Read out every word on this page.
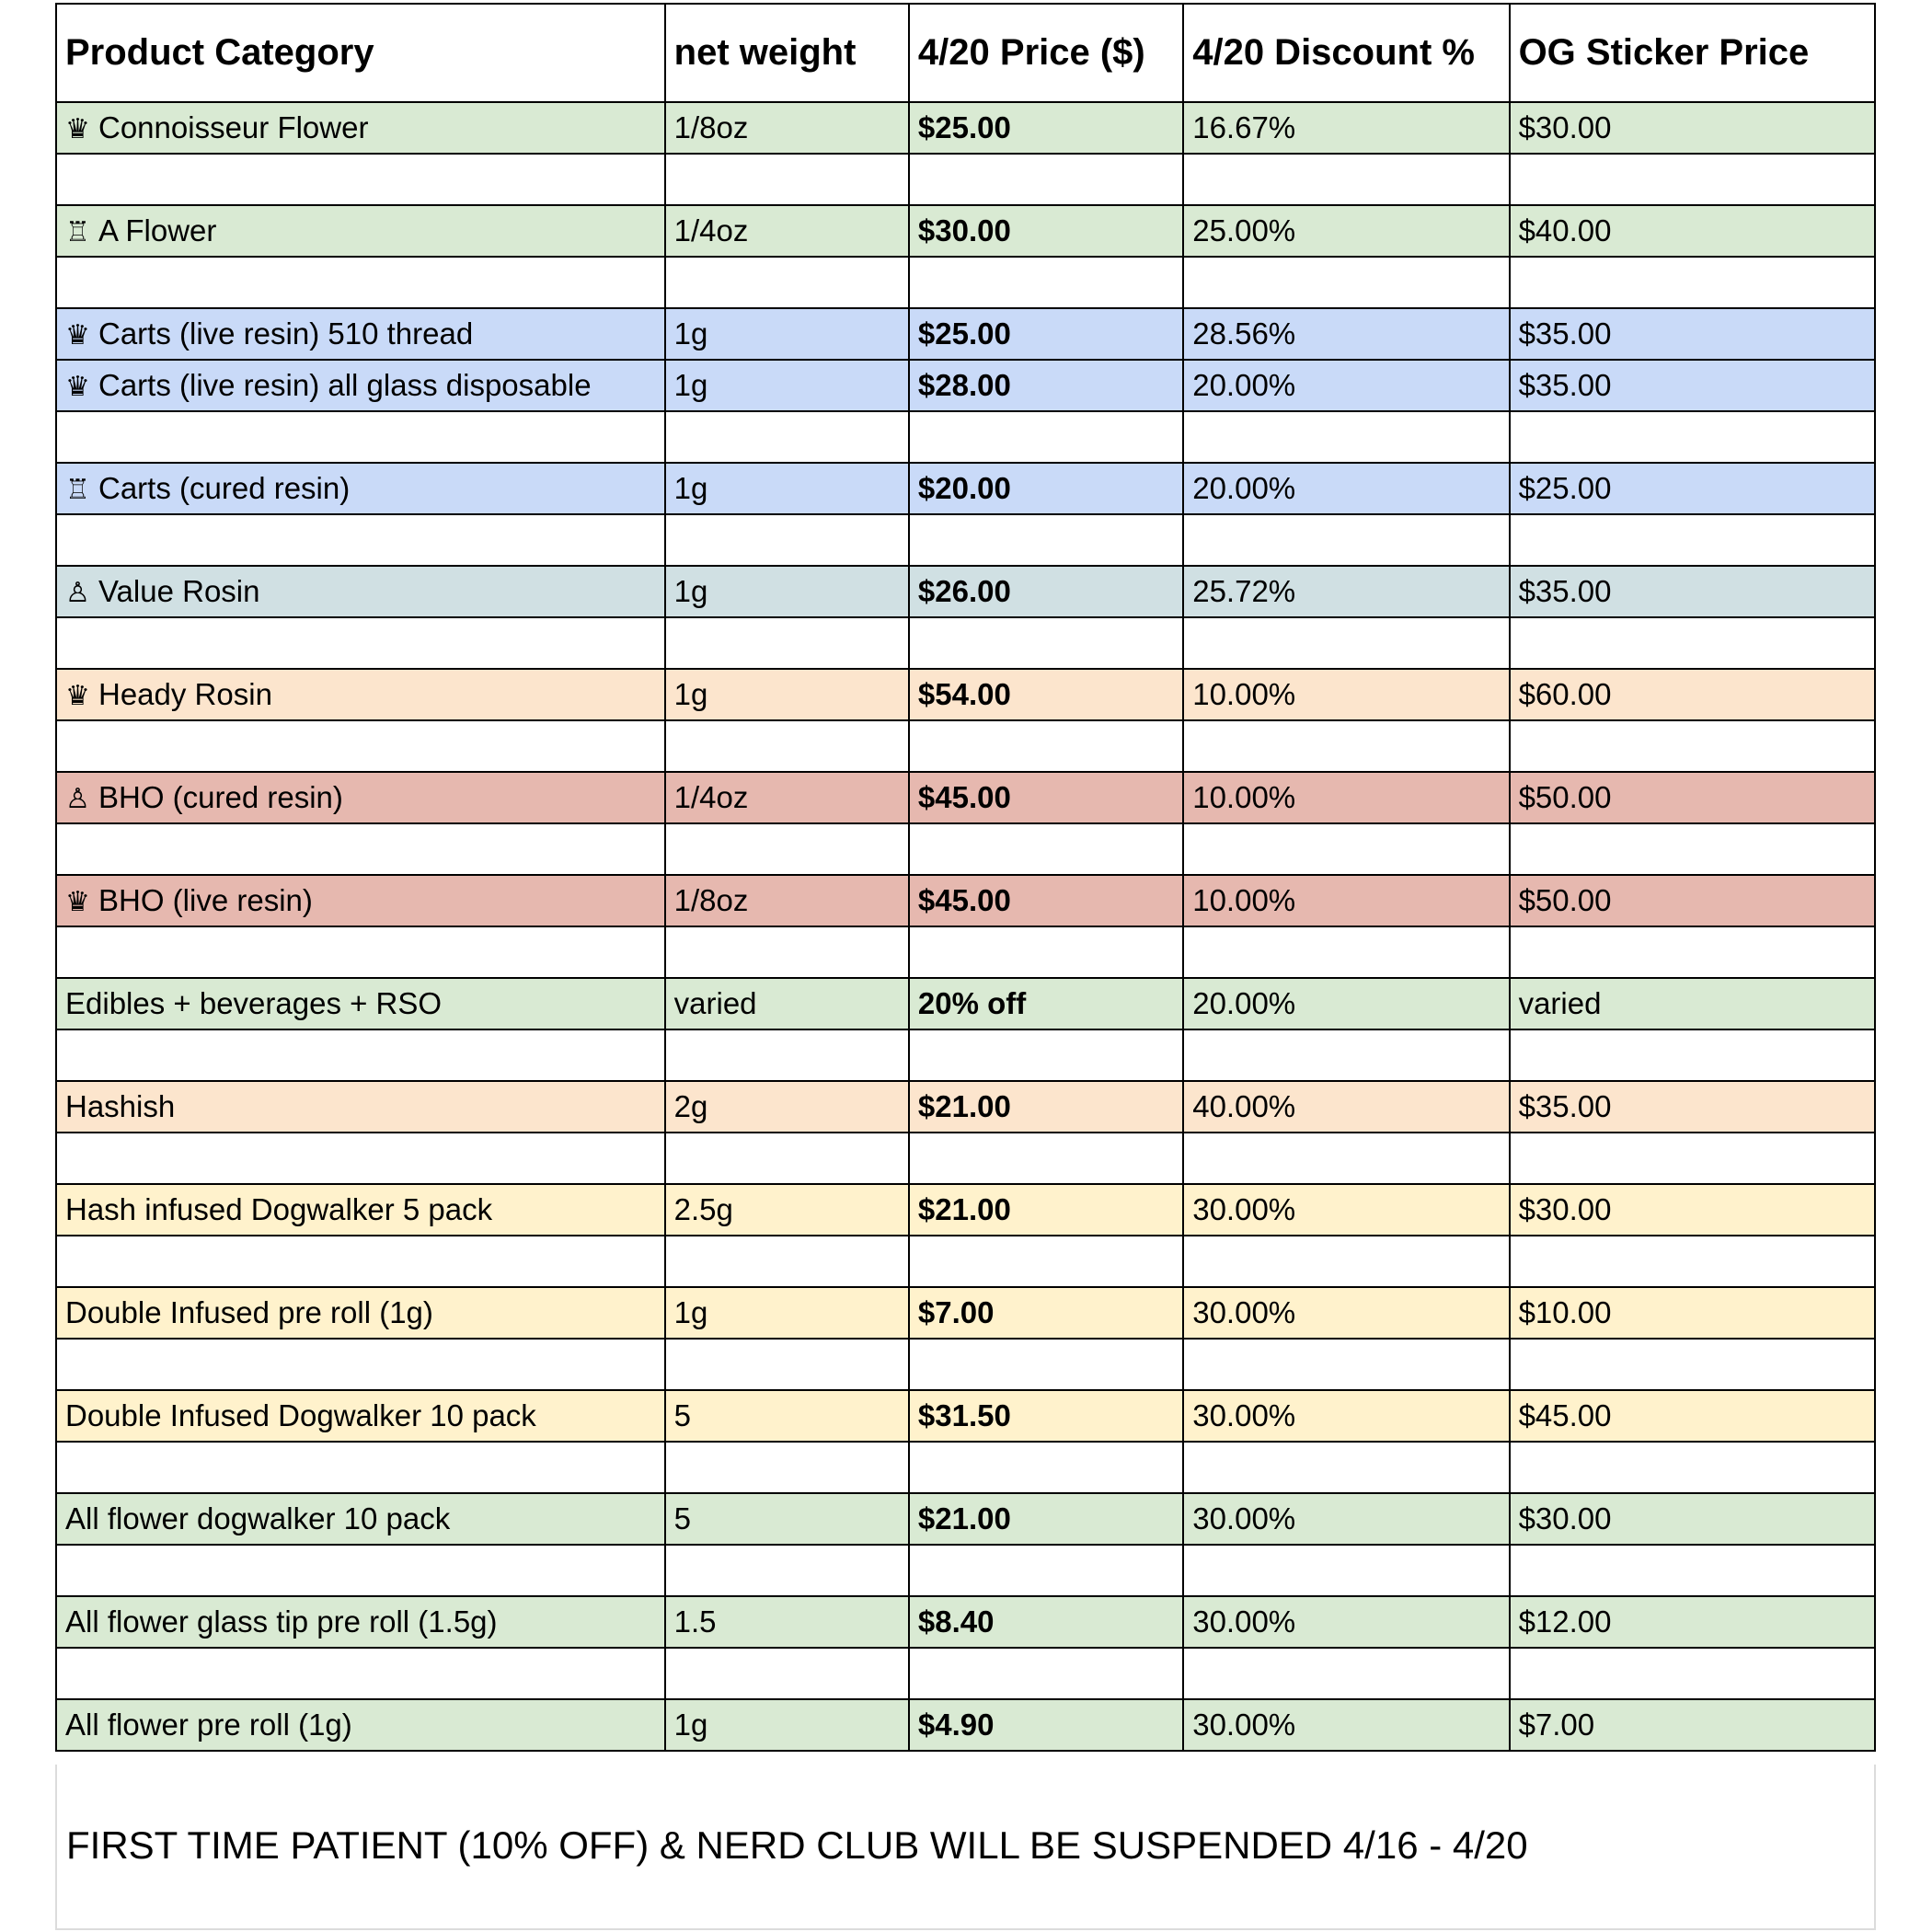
Product Category	net weight	4/20 Price ($)	4/20 Discount %	OG Sticker Price
♛ Connoisseur Flower	1/8oz	$25.00	16.67%	$30.00

♖ A Flower	1/4oz	$30.00	25.00%	$40.00

♛ Carts (live resin) 510 thread	1g	$25.00	28.56%	$35.00
♛ Carts (live resin) all glass disposable	1g	$28.00	20.00%	$35.00

♖ Carts (cured resin)	1g	$20.00	20.00%	$25.00

♙ Value Rosin	1g	$26.00	25.72%	$35.00

♛ Heady Rosin	1g	$54.00	10.00%	$60.00

♙ BHO (cured resin)	1/4oz	$45.00	10.00%	$50.00

♛ BHO (live resin)	1/8oz	$45.00	10.00%	$50.00

Edibles + beverages + RSO	varied	20% off	20.00%	varied

Hashish	2g	$21.00	40.00%	$35.00

Hash infused Dogwalker 5 pack	2.5g	$21.00	30.00%	$30.00

Double Infused pre roll (1g)	1g	$7.00	30.00%	$10.00

Double Infused Dogwalker 10 pack	5	$31.50	30.00%	$45.00

All flower dogwalker 10 pack	5	$21.00	30.00%	$30.00

All flower glass tip pre roll (1.5g)	1.5	$8.40	30.00%	$12.00

All flower pre roll (1g)	1g	$4.90	30.00%	$7.00
FIRST TIME PATIENT (10% OFF) & NERD CLUB WILL BE SUSPENDED 4/16 - 4/20
